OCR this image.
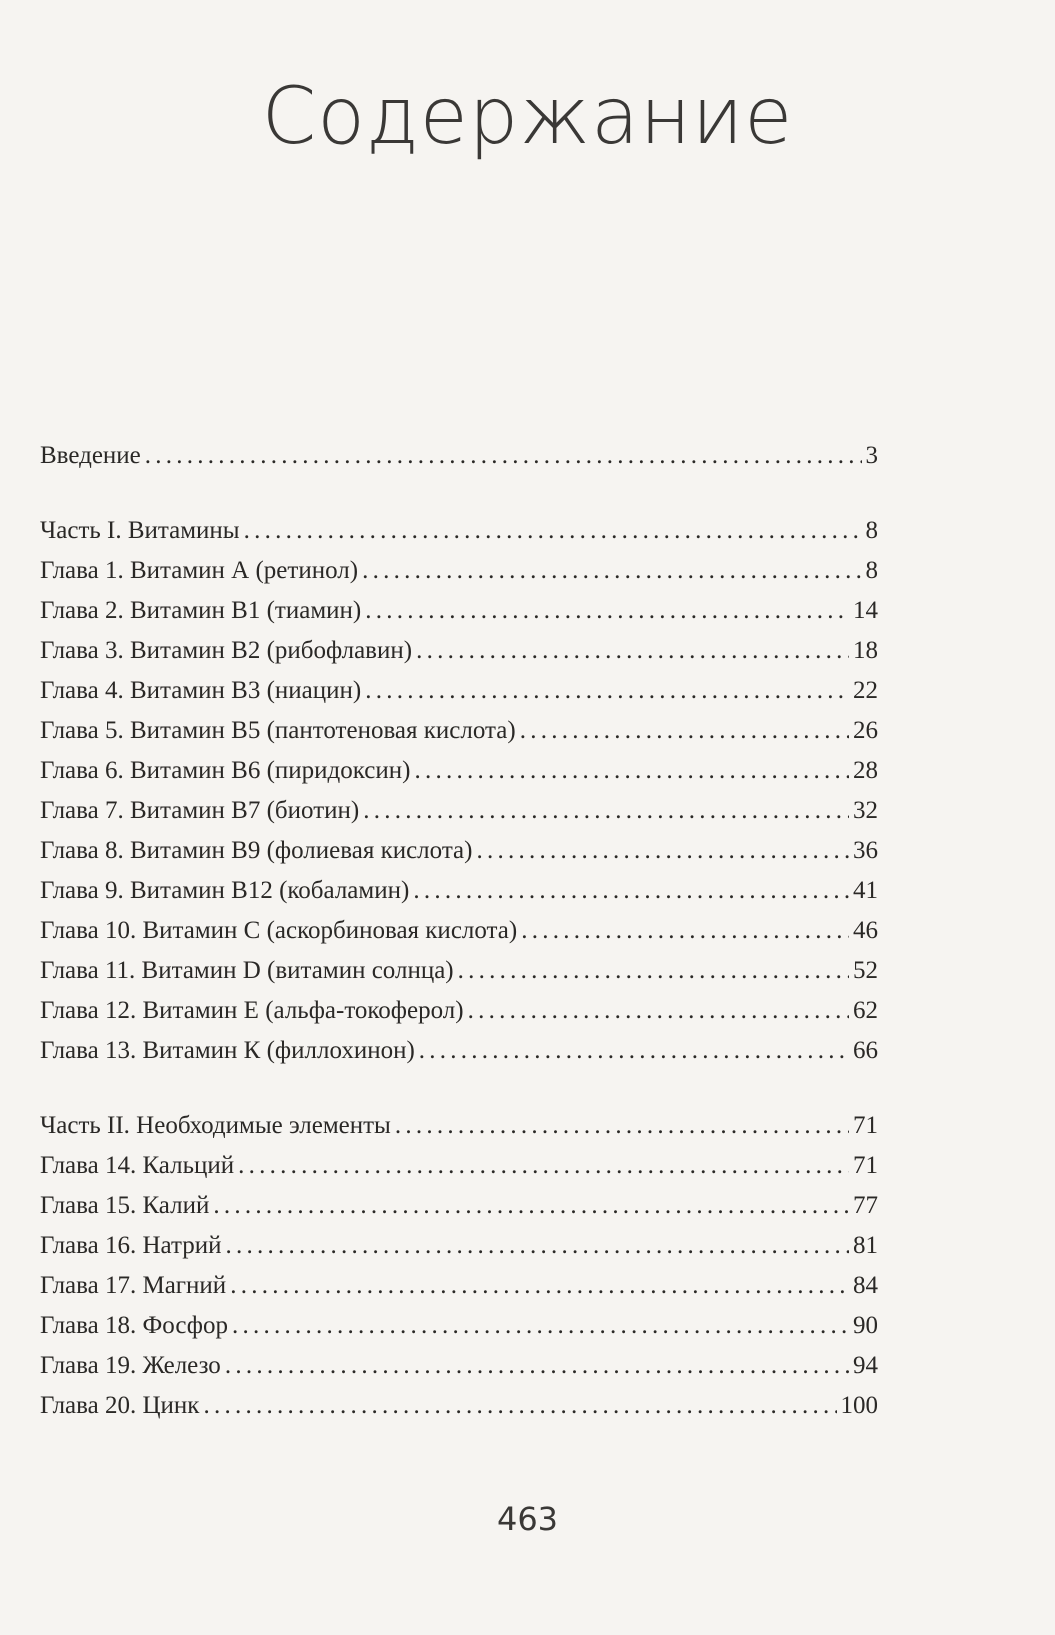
Содержание
Введение . . .	3
Часть I. Витамины . . .	8
Глава 1. Витамин А (ретинол) . . .	8
Глава 2. Витамин В1 (тиамин) . . .	14
Глава 3. Витамин В2 (рибофлавин) . . .	18
Глава 4. Витамин В3 (ниацин) . . .	22
Глава 5. Витамин В5 (пантотеновая кислота) . . .	26
Глава 6. Витамин В6 (пиридоксин) . . .	28
Глава 7. Витамин В7 (биотин) . . .	32
Глава 8. Витамин В9 (фолиевая кислота) . . .	36
Глава 9. Витамин В12 (кобаламин) . . .	41
Глава 10. Витамин С (аскорбиновая кислота) . . .	46
Глава 11. Витамин D (витамин солнца) . . .	52
Глава 12. Витамин Е (альфа-токоферол) . . .	62
Глава 13. Витамин К (филлохинон) . . .	66
Часть II. Необходимые элементы . . .	71
Глава 14. Кальций . . .	71
Глава 15. Калий . . .	77
Глава 16. Натрий . . .	81
Глава 17. Магний . . .	84
Глава 18. Фосфор . . .	90
Глава 19. Железо . . .	94
Глава 20. Цинк . . .	100
463
